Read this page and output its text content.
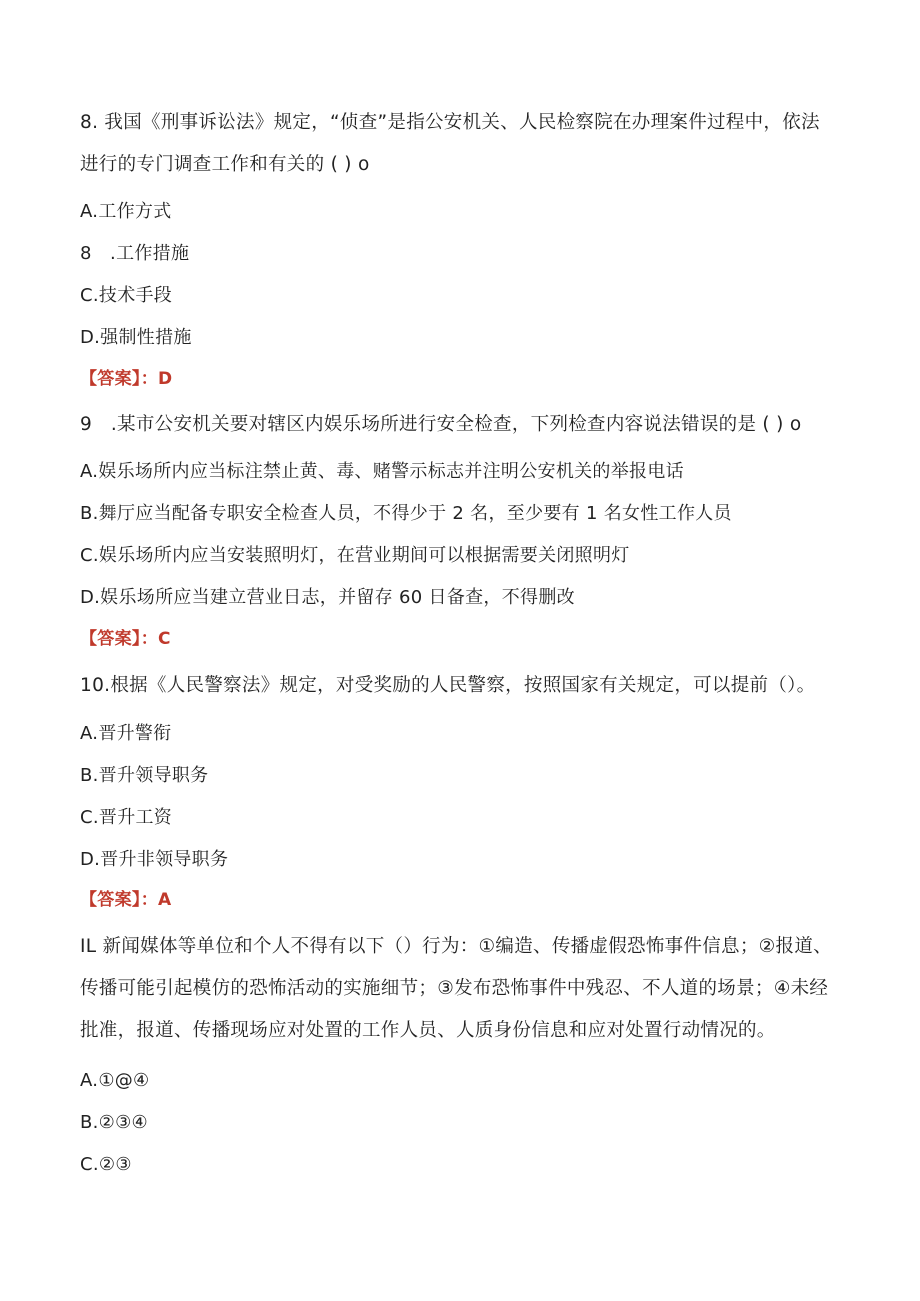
8. 我国《刑事诉讼法》规定，“侦查”是指公安机关、人民检察院在办理案件过程中，依法
进行的专门调查工作和有关的 ( ) o
A.工作方式
8　.工作措施
C.技术手段
D.强制性措施
【答案】：D
9　.某市公安机关要对辖区内娱乐场所进行安全检查，下列检查内容说法错误的是 ( ) o
A.娱乐场所内应当标注禁止黄、毒、赌警示标志并注明公安机关的举报电话
B.舞厅应当配备专职安全检查人员，不得少于 2 名，至少要有 1 名女性工作人员
C.娱乐场所内应当安装照明灯，在营业期间可以根据需要关闭照明灯
D.娱乐场所应当建立营业日志，并留存 60 日备查，不得删改
【答案】：C
10.根据《人民警察法》规定，对受奖励的人民警察，按照国家有关规定，可以提前（）。
A.晋升警衔
B.晋升领导职务
C.晋升工资
D.晋升非领导职务
【答案】：A
IL 新闻媒体等单位和个人不得有以下（）行为：①编造、传播虚假恐怖事件信息；②报道、
传播可能引起模仿的恐怖活动的实施细节；③发布恐怖事件中残忍、不人道的场景；④未经
批准，报道、传播现场应对处置的工作人员、人质身份信息和应对处置行动情况的。
A.①@④
B.②③④
C.②③
